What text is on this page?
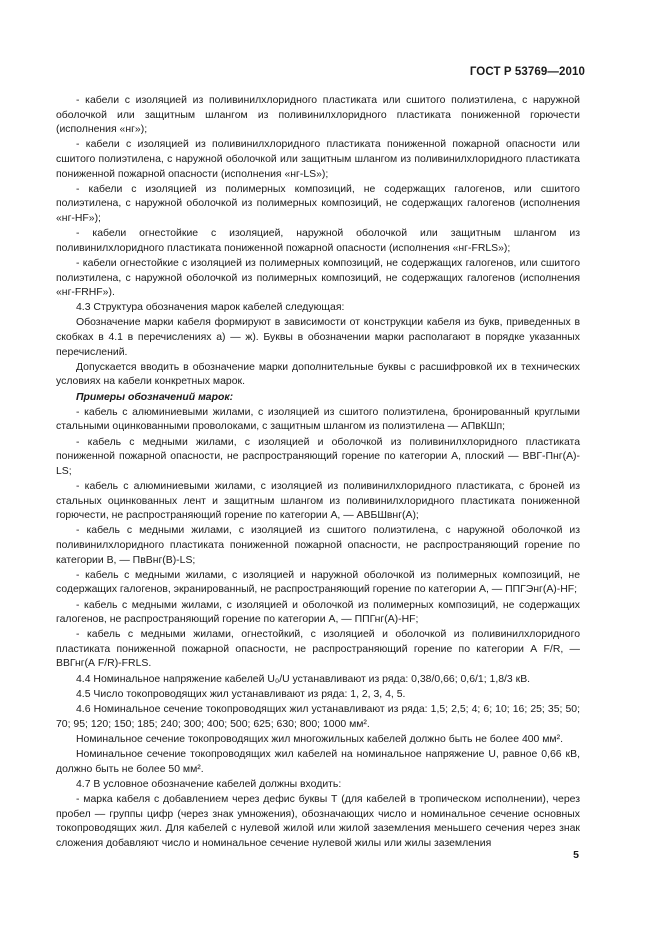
ГОСТ Р 53769—2010

- кабели с изоляцией из поливинилхлоридного пластиката или сшитого полиэтилена, с наружной оболочкой или защитным шлангом из поливинилхлоридного пластиката пониженной горючести (исполнения «нг»);

- кабели с изоляцией из поливинилхлоридного пластиката пониженной пожарной опасности или сшитого полиэтилена, с наружной оболочкой или защитным шлангом из поливинилхлоридного пластиката пониженной пожарной опасности (исполнения «нг-LS»);

- кабели с изоляцией из полимерных композиций, не содержащих галогенов, или сшитого полиэтилена, с наружной оболочкой из полимерных композиций, не содержащих галогенов (исполнения «нг-HF»);

- кабели огнестойкие с изоляцией, наружной оболочкой или защитным шлангом из поливинилхлоридного пластиката пониженной пожарной опасности (исполнения «нг-FRLS»);

- кабели огнестойкие с изоляцией из полимерных композиций, не содержащих галогенов, или сшитого полиэтилена, с наружной оболочкой из полимерных композиций, не содержащих галогенов (исполнения «нг-FRHF»).

4.3 Структура обозначения марок кабелей следующая:

Обозначение марки кабеля формируют в зависимости от конструкции кабеля из букв, приведенных в скобках в 4.1 в перечислениях а) — ж). Буквы в обозначении марки располагают в порядке указанных перечислений.

Допускается вводить в обозначение марки дополнительные буквы с расшифровкой их в технических условиях на кабели конкретных марок.

Примеры обозначений марок:

- кабель с алюминиевыми жилами, с изоляцией из сшитого полиэтилена, бронированный круглыми стальными оцинкованными проволоками, с защитным шлангом из полиэтилена — АПвКШп;

- кабель с медными жилами, с изоляцией и оболочкой из поливинилхлоридного пластиката пониженной пожарной опасности, не распространяющий горение по категории А, плоский — ВВГ-Пнг(А)-LS;

- кабель с алюминиевыми жилами, с изоляцией из поливинилхлоридного пластиката, с броней из стальных оцинкованных лент и защитным шлангом из поливинилхлоридного пластиката пониженной горючести, не распространяющий горение по категории А, — АВБШвнг(А);

- кабель с медными жилами, с изоляцией из сшитого полиэтилена, с наружной оболочкой из поливинилхлоридного пластиката пониженной пожарной опасности, не распространяющий горение по категории В, — ПвВнг(В)-LS;

- кабель с медными жилами, с изоляцией и наружной оболочкой из полимерных композиций, не содержащих галогенов, экранированный, не распространяющий горение по категории А, — ППГЭнг(А)-HF;

- кабель с медными жилами, с изоляцией и оболочкой из полимерных композиций, не содержащих галогенов, не распространяющий горение по категории А, — ППГнг(А)-HF;

- кабель с медными жилами, огнестойкий, с изоляцией и оболочкой из поливинилхлоридного пластиката пониженной пожарной опасности, не распространяющий горение по категории А F/R, — ВВГнг(А F/R)-FRLS.

4.4 Номинальное напряжение кабелей U₀/U устанавливают из ряда: 0,38/0,66; 0,6/1; 1,8/3 кВ.

4.5 Число токопроводящих жил устанавливают из ряда: 1, 2, 3, 4, 5.

4.6 Номинальное сечение токопроводящих жил устанавливают из ряда: 1,5; 2,5; 4; 6; 10; 16; 25; 35; 50; 70; 95; 120; 150; 185; 240; 300; 400; 500; 625; 630; 800; 1000 мм².

Номинальное сечение токопроводящих жил многожильных кабелей должно быть не более 400 мм².

Номинальное сечение токопроводящих жил кабелей на номинальное напряжение U, равное 0,66 кВ, должно быть не более 50 мм².

4.7 В условное обозначение кабелей должны входить:

- марка кабеля с добавлением через дефис буквы Т (для кабелей в тропическом исполнении), через пробел — группы цифр (через знак умножения), обозначающих число и номинальное сечение основных токопроводящих жил. Для кабелей с нулевой жилой или жилой заземления меньшего сечения через знак сложения добавляют число и номинальное сечение нулевой жилы или жилы заземления

5
